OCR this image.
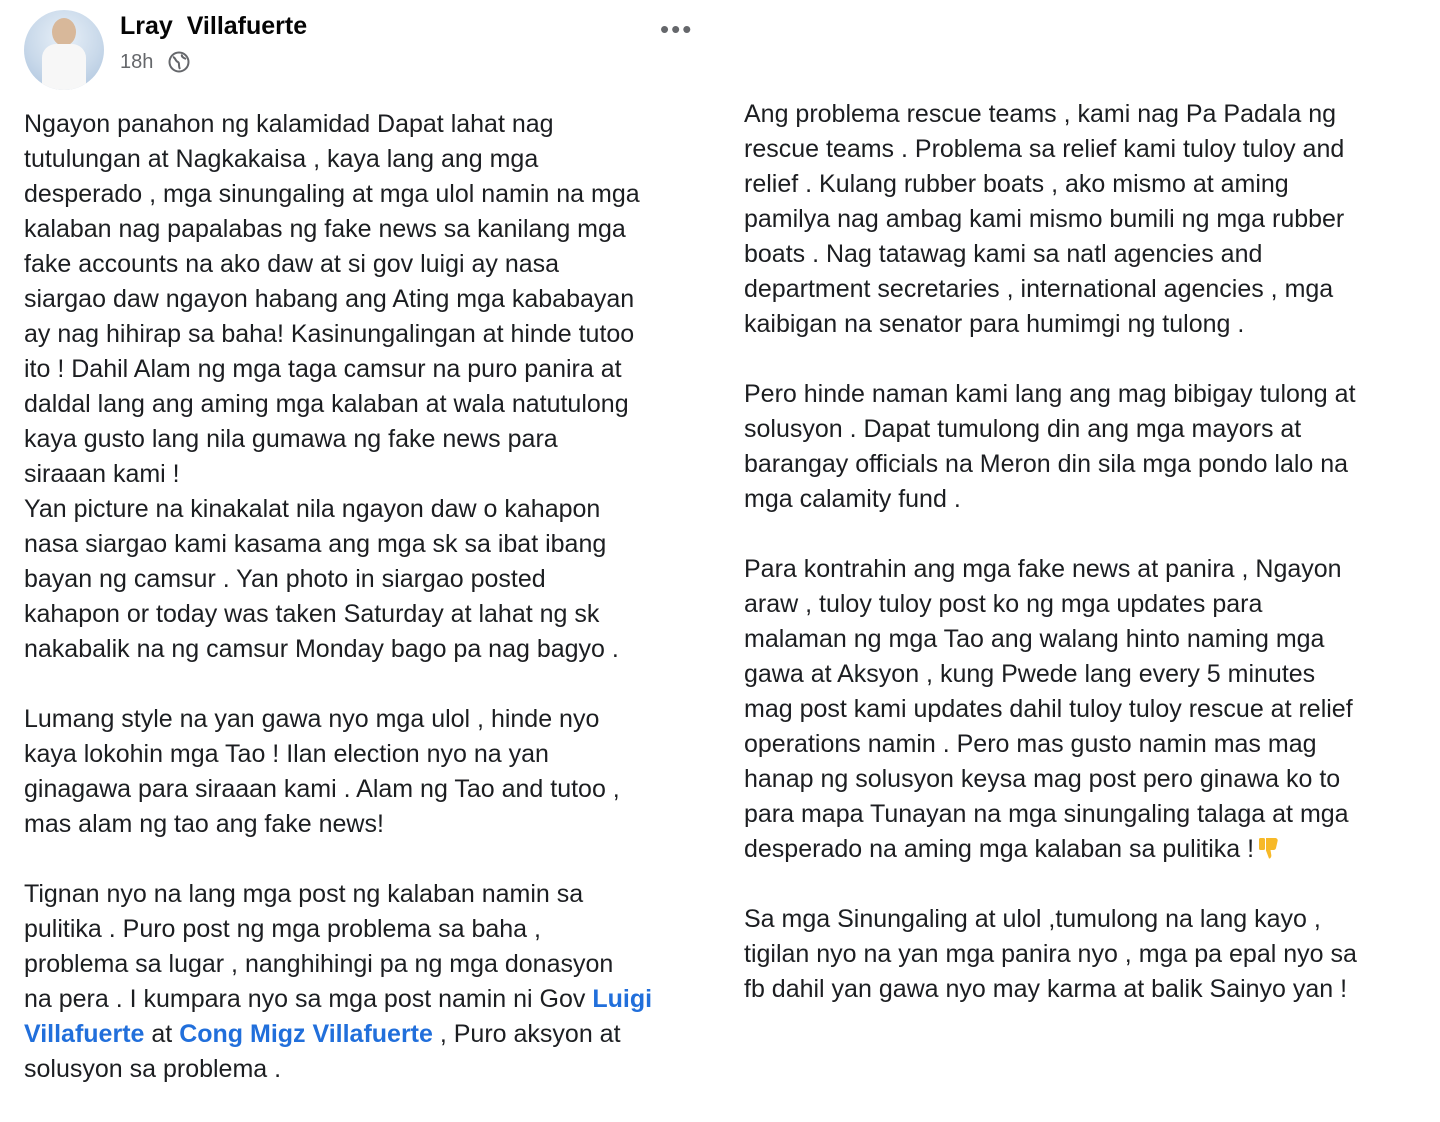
Lray  Villafuerte
18h
•••
Ngayon panahon ng kalamidad Dapat lahat nag
tutulungan at Nagkakaisa , kaya lang ang mga
desperado , mga sinungaling at mga ulol namin na mga
kalaban nag papalabas ng fake news sa kanilang mga
fake accounts na ako daw at si gov luigi ay nasa
siargao daw ngayon habang ang Ating mga kababayan
ay nag hihirap sa baha! Kasinungalingan at hinde tutoo
ito ! Dahil Alam ng mga taga camsur na puro panira at
daldal lang ang aming mga kalaban at wala natutulong
kaya gusto lang nila gumawa ng fake news para
siraaan kami !
Yan picture na kinakalat nila ngayon daw o kahapon
nasa siargao kami kasama ang mga sk sa ibat ibang
bayan ng camsur . Yan photo in siargao posted
kahapon or today was taken Saturday at lahat ng sk
nakabalik na ng camsur Monday bago pa nag bagyo .
Lumang style na yan gawa nyo mga ulol , hinde nyo
kaya lokohin mga Tao ! Ilan election nyo na yan
ginagawa para siraaan kami . Alam ng Tao and tutoo ,
mas alam ng tao ang fake news!
Tignan nyo na lang mga post ng kalaban namin sa
pulitika . Puro post ng mga problema sa baha ,
problema sa lugar , nanghihingi pa ng mga donasyon
na pera . I kumpara nyo sa mga post namin ni Gov Luigi
Villafuerte at Cong Migz Villafuerte , Puro aksyon at
solusyon sa problema .
Ang problema rescue teams , kami nag Pa Padala ng
rescue teams . Problema sa relief kami tuloy tuloy and
relief . Kulang rubber boats , ako mismo at aming
pamilya nag ambag kami mismo bumili ng mga rubber
boats . Nag tatawag kami sa natl agencies and
department secretaries , international agencies , mga
kaibigan na senator para humimgi ng tulong .
Pero hinde naman kami lang ang mag bibigay tulong at
solusyon . Dapat tumulong din ang mga mayors at
barangay officials na Meron din sila mga pondo lalo na
mga calamity fund .
Para kontrahin ang mga fake news at panira , Ngayon
araw , tuloy tuloy post ko ng mga updates para
malaman ng mga Tao ang walang hinto naming mga
gawa at Aksyon , kung Pwede lang every 5 minutes
mag post kami updates dahil tuloy tuloy rescue at relief
operations namin . Pero mas gusto namin mas mag
hanap ng solusyon keysa mag post pero ginawa ko to
para mapa Tunayan na mga sinungaling talaga at mga
desperado na aming mga kalaban sa pulitika !
Sa mga Sinungaling at ulol ,tumulong na lang kayo ,
tigilan nyo na yan mga panira nyo , mga pa epal nyo sa
fb dahil yan gawa nyo may karma at balik Sainyo yan !
